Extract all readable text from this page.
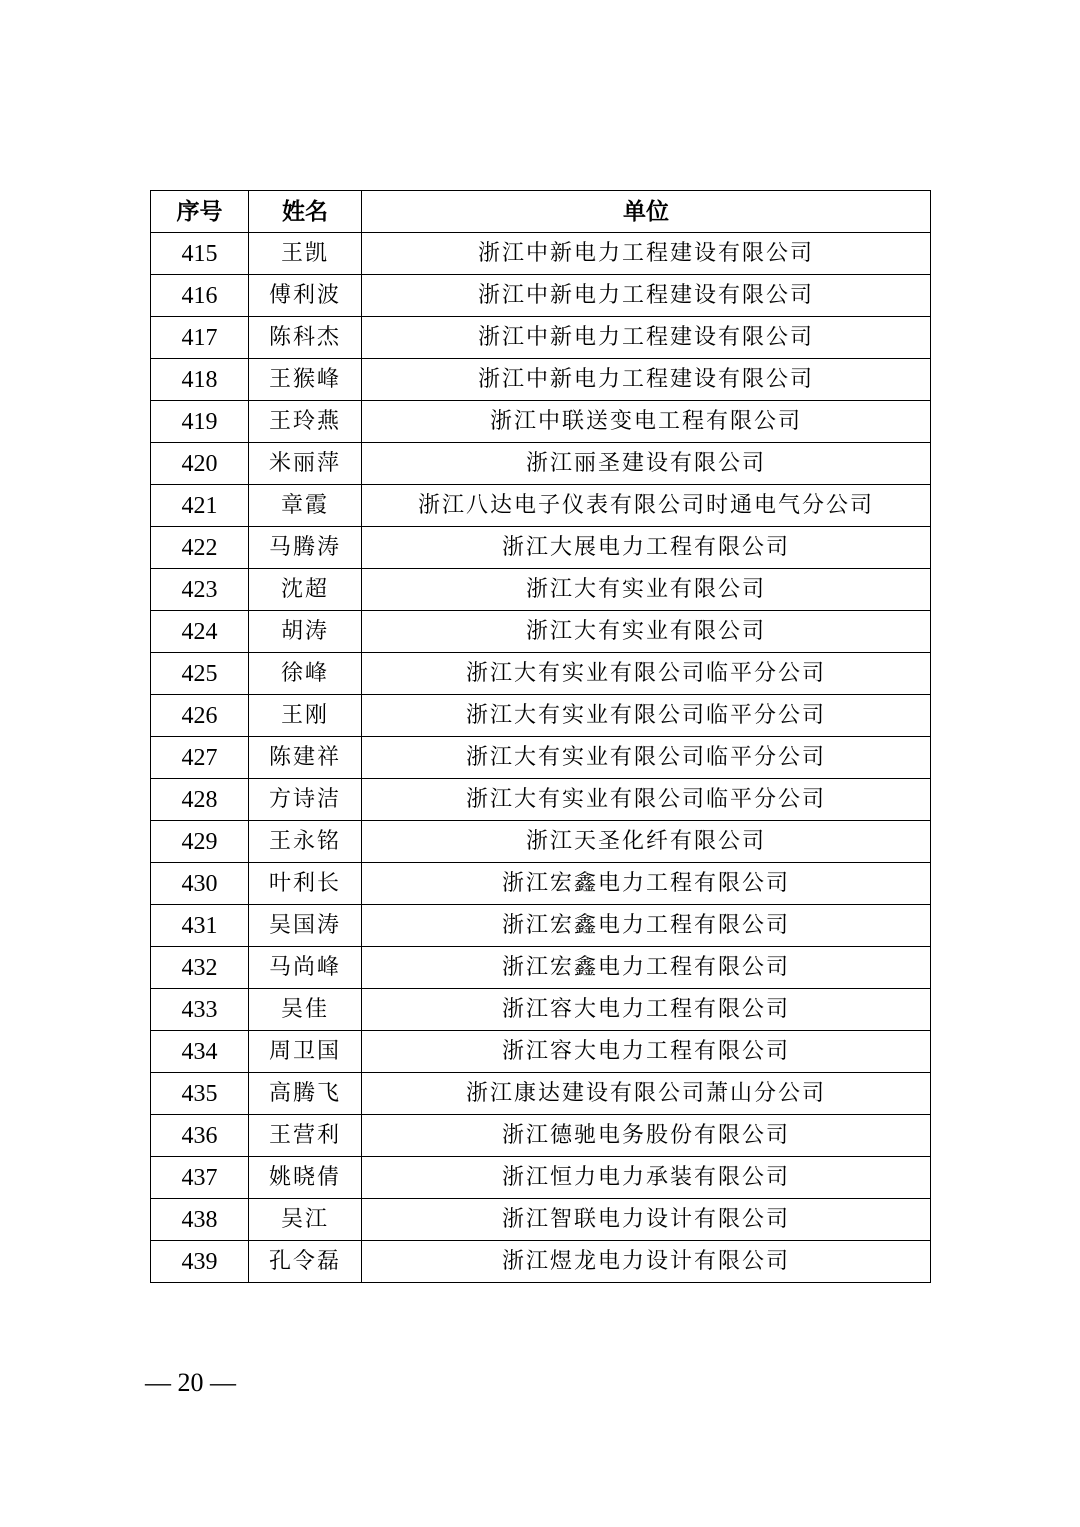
序号	姓名	单位
415	王凯	浙江中新电力工程建设有限公司
416	傅利波	浙江中新电力工程建设有限公司
417	陈科杰	浙江中新电力工程建设有限公司
418	王猴峰	浙江中新电力工程建设有限公司
419	王玲燕	浙江中联送变电工程有限公司
420	米丽萍	浙江丽圣建设有限公司
421	章霞	浙江八达电子仪表有限公司时通电气分公司
422	马腾涛	浙江大展电力工程有限公司
423	沈超	浙江大有实业有限公司
424	胡涛	浙江大有实业有限公司
425	徐峰	浙江大有实业有限公司临平分公司
426	王刚	浙江大有实业有限公司临平分公司
427	陈建祥	浙江大有实业有限公司临平分公司
428	方诗洁	浙江大有实业有限公司临平分公司
429	王永铭	浙江天圣化纤有限公司
430	叶利长	浙江宏鑫电力工程有限公司
431	吴国涛	浙江宏鑫电力工程有限公司
432	马尚峰	浙江宏鑫电力工程有限公司
433	吴佳	浙江容大电力工程有限公司
434	周卫国	浙江容大电力工程有限公司
435	高腾飞	浙江康达建设有限公司萧山分公司
436	王营利	浙江德驰电务股份有限公司
437	姚晓倩	浙江恒力电力承装有限公司
438	吴江	浙江智联电力设计有限公司
439	孔令磊	浙江煜龙电力设计有限公司
— 20 —
